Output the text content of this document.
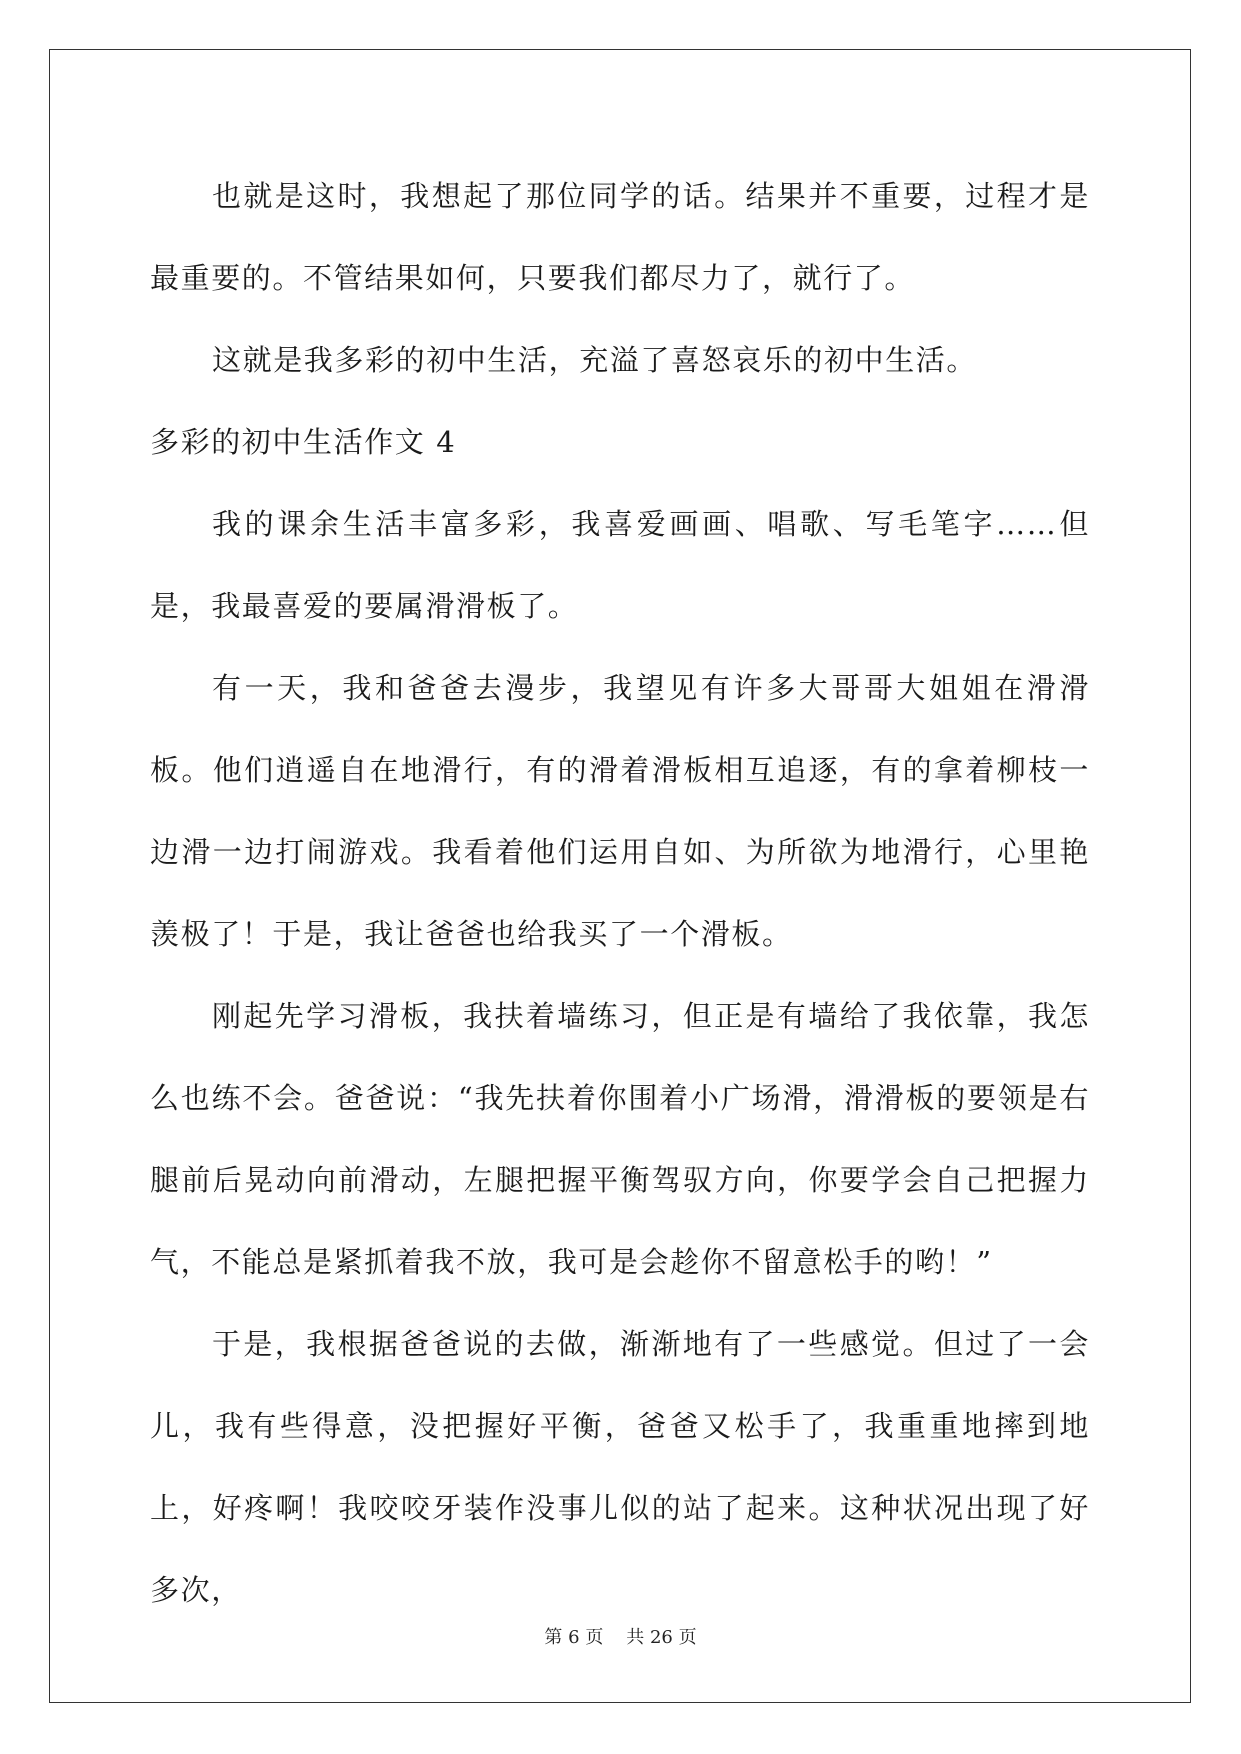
也就是这时，我想起了那位同学的话。结果并不重要，过程才是最重要的。不管结果如何，只要我们都尽力了，就行了。

这就是我多彩的初中生活，充溢了喜怒哀乐的初中生活。

多彩的初中生活作文 4

我的课余生活丰富多彩，我喜爱画画、唱歌、写毛笔字……但是，我最喜爱的要属滑滑板了。

有一天，我和爸爸去漫步，我望见有许多大哥哥大姐姐在滑滑板。他们逍遥自在地滑行，有的滑着滑板相互追逐，有的拿着柳枝一边滑一边打闹游戏。我看着他们运用自如、为所欲为地滑行，心里艳羡极了！于是，我让爸爸也给我买了一个滑板。

刚起先学习滑板，我扶着墙练习，但正是有墙给了我依靠，我怎么也练不会。爸爸说：“我先扶着你围着小广场滑，滑滑板的要领是右腿前后晃动向前滑动，左腿把握平衡驾驭方向，你要学会自己把握力气，不能总是紧抓着我不放，我可是会趁你不留意松手的哟！”

于是，我根据爸爸说的去做，渐渐地有了一些感觉。但过了一会儿，我有些得意，没把握好平衡，爸爸又松手了，我重重地摔到地上，好疼啊！我咬咬牙装作没事儿似的站了起来。这种状况出现了好多次，

第 6 页 共 26 页
